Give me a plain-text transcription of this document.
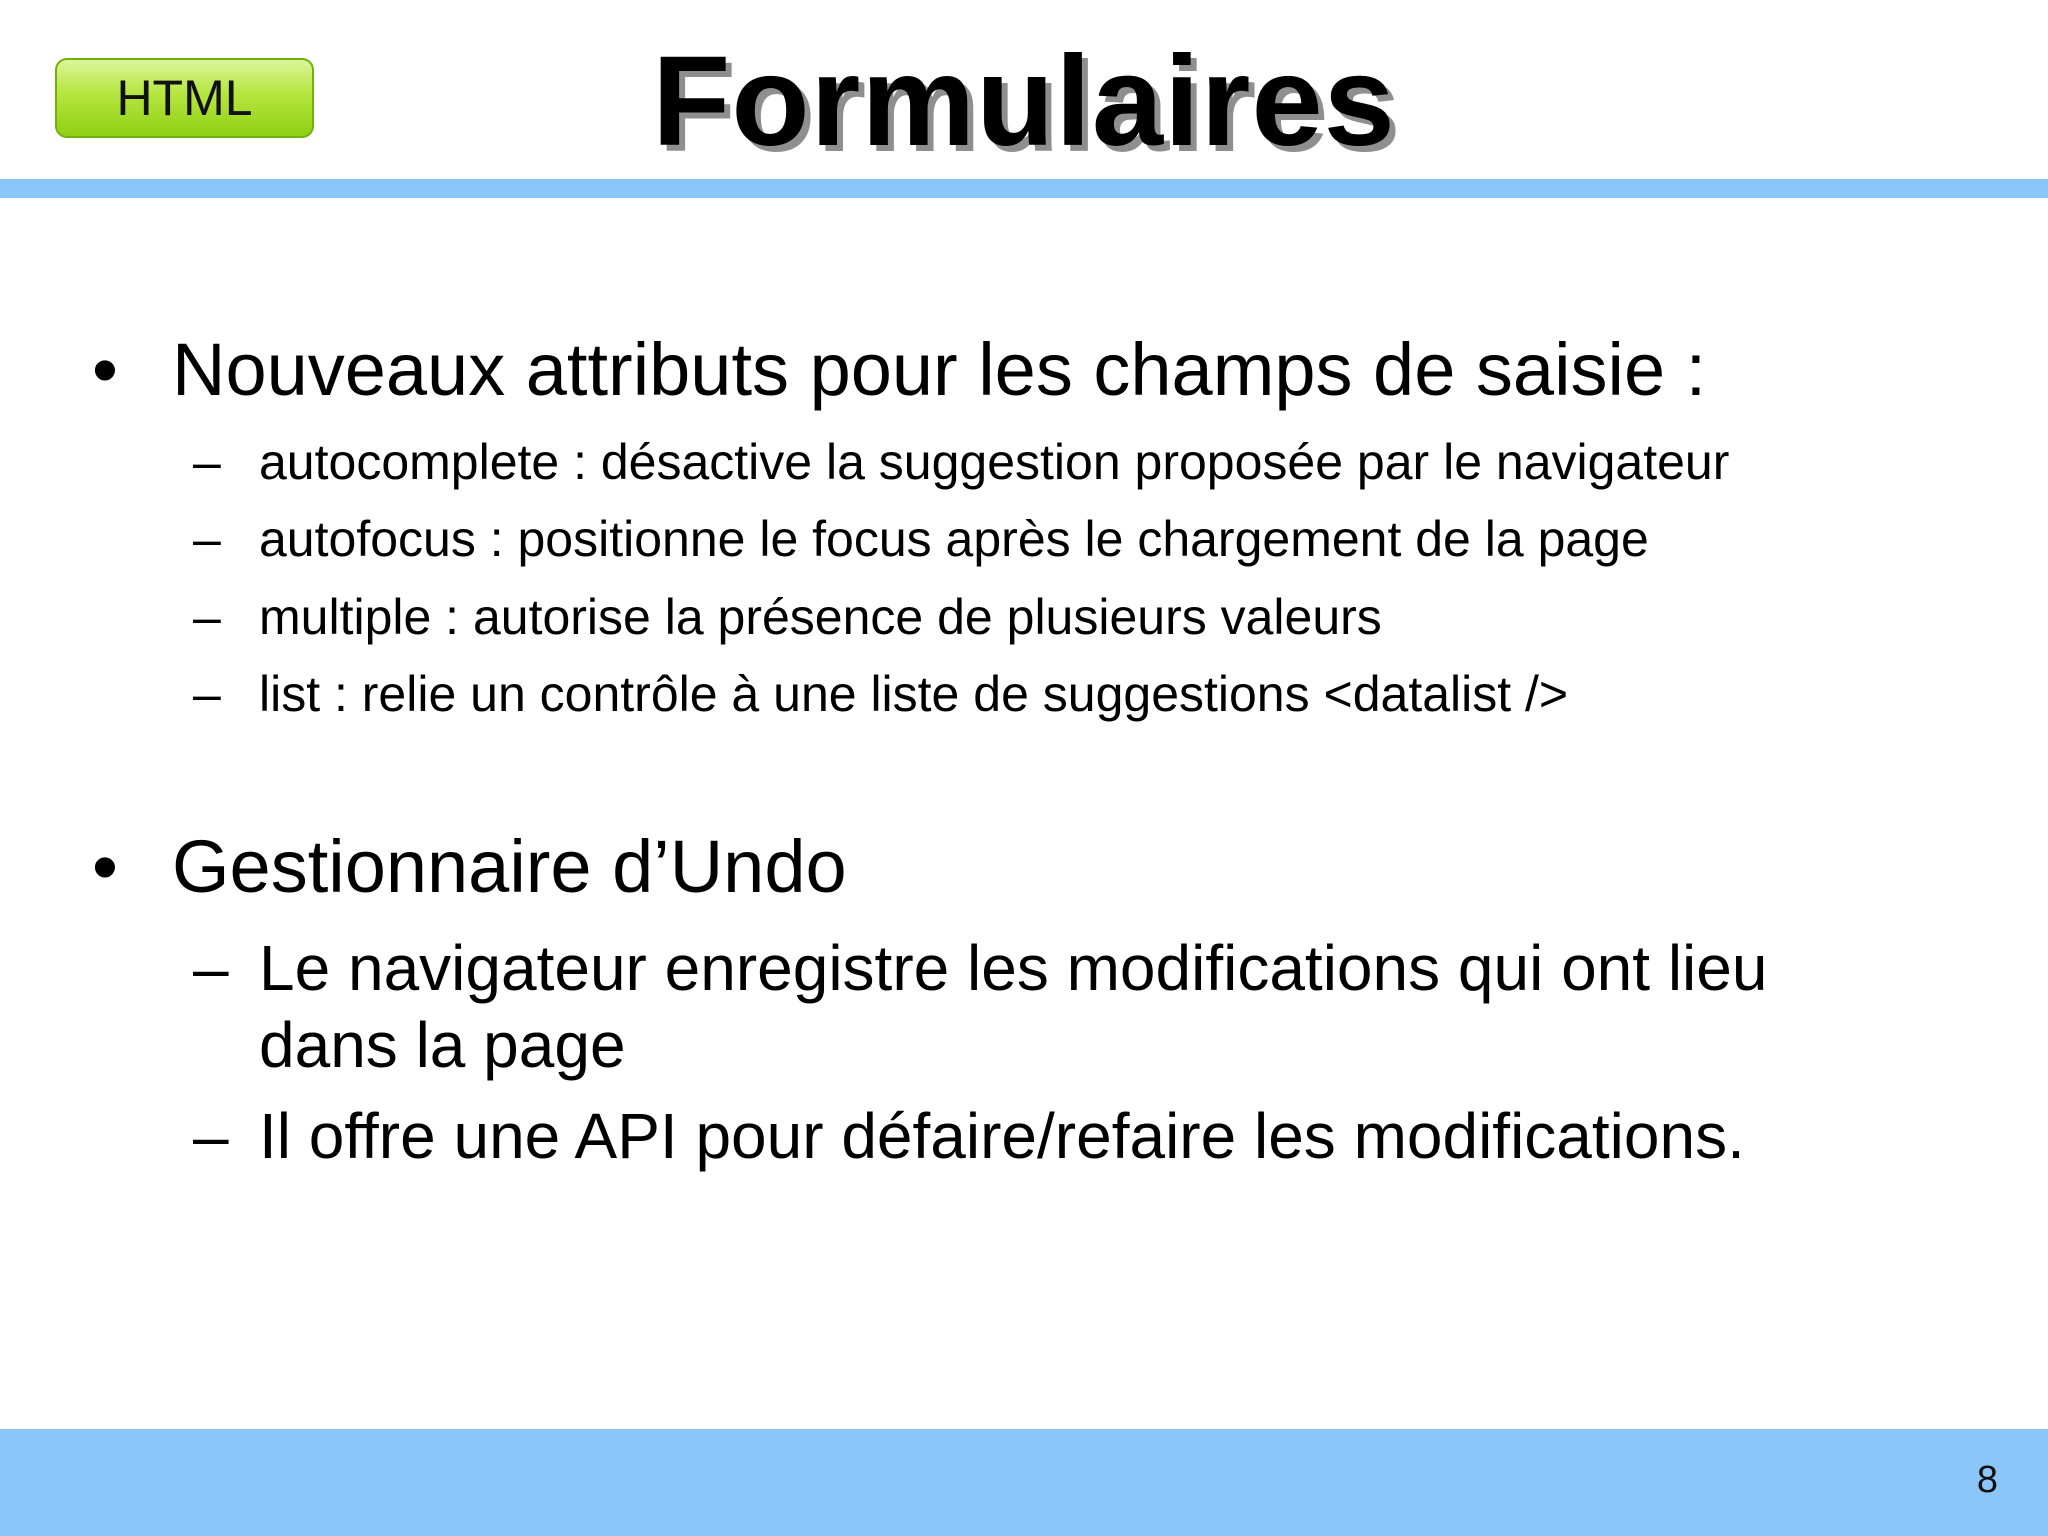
HTML	Formulaires
• Nouveaux attributs pour les champs de saisie :
– autocomplete : désactive la suggestion proposée par le navigateur
– autofocus : positionne le focus après le chargement de la page
– multiple : autorise la présence de plusieurs valeurs
– list : relie un contrôle à une liste de suggestions <datalist />
• Gestionnaire d’Undo
– Le navigateur enregistre les modifications qui ont lieu
dans la page
– Il offre une API pour défaire/refaire les modifications.
8
